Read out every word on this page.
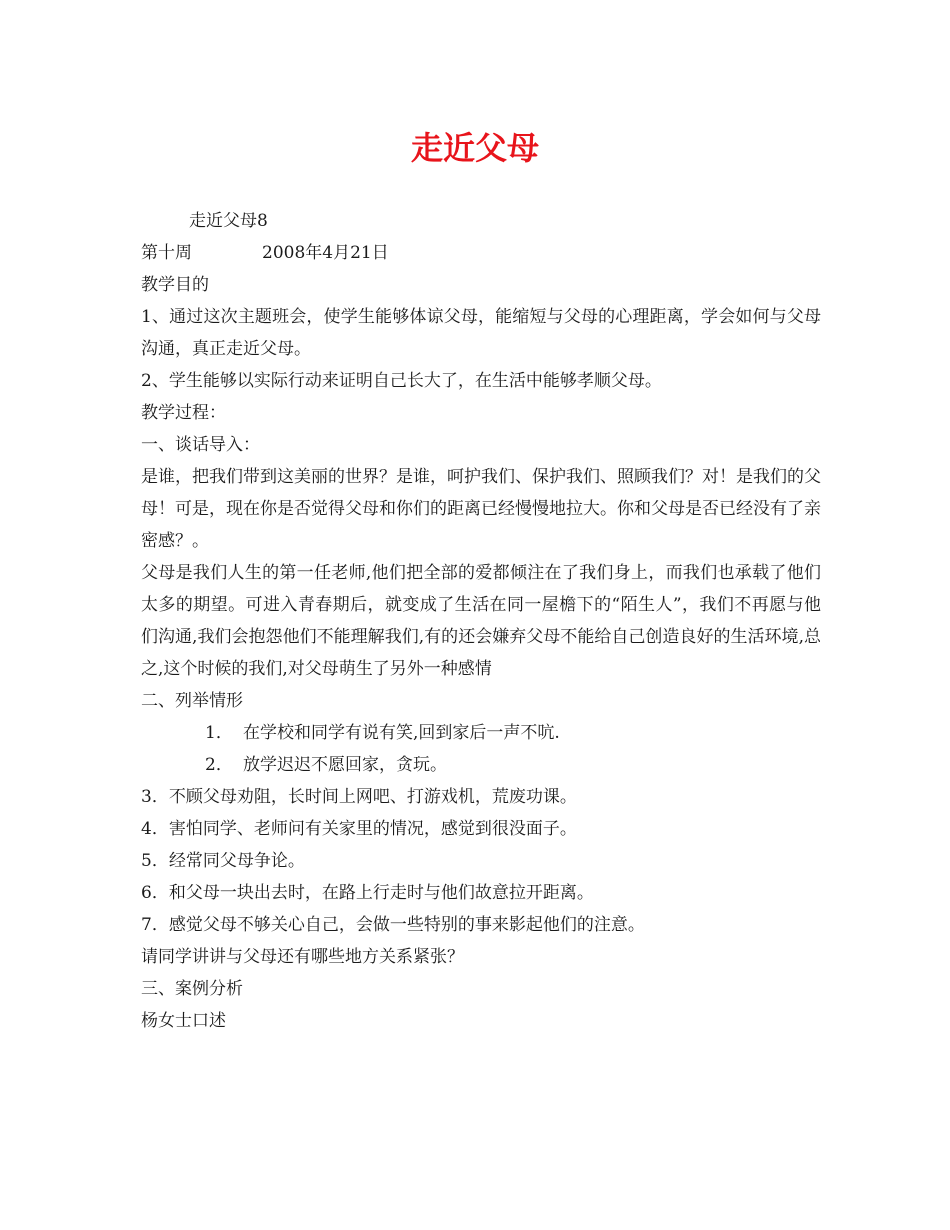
走近父母

走近父母8

第十周	2008年4月21日

教学目的

1、通过这次主题班会，使学生能够体谅父母，能缩短与父母的心理距离，学会如何与父母沟通，真正走近父母。

2、学生能够以实际行动来证明自己长大了，在生活中能够孝顺父母。

教学过程：

一、谈话导入：

是谁，把我们带到这美丽的世界？是谁，呵护我们、保护我们、照顾我们？对！是我们的父母！可是，现在你是否觉得父母和你们的距离已经慢慢地拉大。你和父母是否已经没有了亲密感？。

父母是我们人生的第一任老师,他们把全部的爱都倾注在了我们身上，而我们也承载了他们太多的期望。可进入青春期后，就变成了生活在同一屋檐下的“陌生人”，我们不再愿与他们沟通,我们会抱怨他们不能理解我们,有的还会嫌弃父母不能给自己创造良好的生活环境,总之,这个时候的我们,对父母萌生了另外一种感情

二、列举情形

1． 在学校和同学有说有笑,回到家后一声不吭.

2． 放学迟迟不愿回家，贪玩。

3．不顾父母劝阻，长时间上网吧、打游戏机，荒废功课。

4．害怕同学、老师问有关家里的情况，感觉到很没面子。

5．经常同父母争论。

6．和父母一块出去时，在路上行走时与他们故意拉开距离。

7．感觉父母不够关心自己，会做一些特别的事来影起他们的注意。

请同学讲讲与父母还有哪些地方关系紧张？

三、案例分析

杨女士口述
